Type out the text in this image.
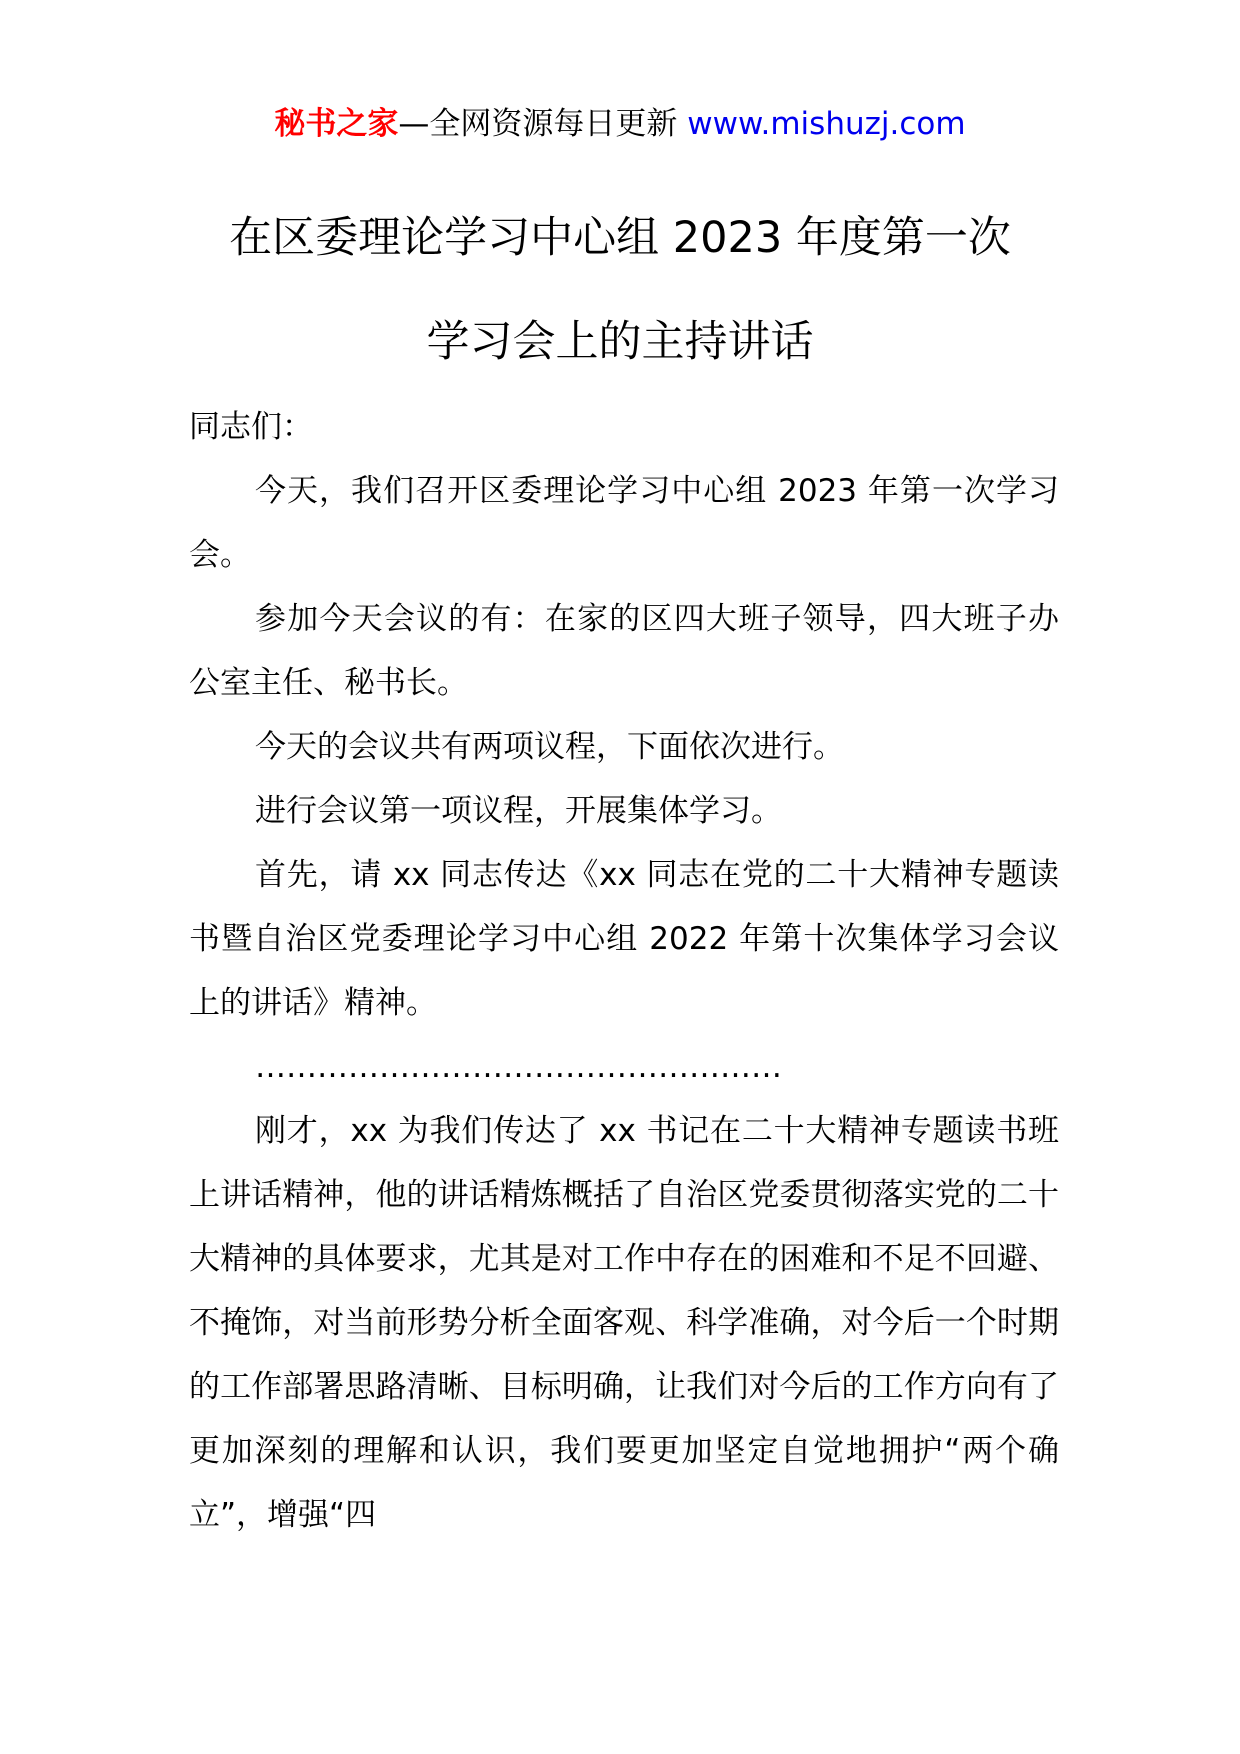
秘书之家—全网资源每日更新 www.mishuzj.com
在区委理论学习中心组 2023 年度第一次
学习会上的主持讲话

同志们：

今天，我们召开区委理论学习中心组 2023 年第一次学习会。

参加今天会议的有：在家的区四大班子领导，四大班子办公室主任、秘书长。

今天的会议共有两项议程，下面依次进行。

进行会议第一项议程，开展集体学习。

首先，请 xx 同志传达《xx 同志在党的二十大精神专题读书暨自治区党委理论学习中心组 2022 年第十次集体学习会议上的讲话》精神。

……………………………………………

刚才，xx 为我们传达了 xx 书记在二十大精神专题读书班上讲话精神，他的讲话精炼概括了自治区党委贯彻落实党的二十大精神的具体要求，尤其是对工作中存在的困难和不足不回避、不掩饰，对当前形势分析全面客观、科学准确，对今后一个时期的工作部署思路清晰、目标明确，让我们对今后的工作方向有了更加深刻的理解和认识，我们要更加坚定自觉地拥护“两个确立”，增强“四
